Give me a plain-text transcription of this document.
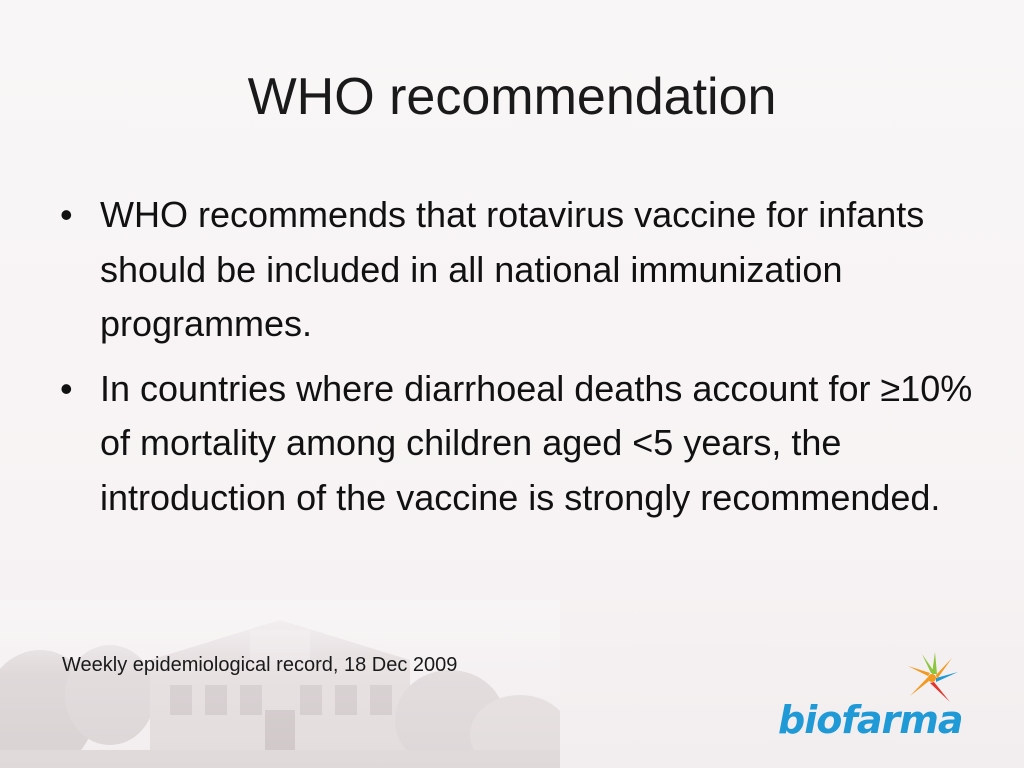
WHO recommendation
• WHO recommends that rotavirus vaccine for infants should be included in all national immunization programmes.
• In countries where diarrhoeal deaths account for ≥10% of mortality among children aged <5 years, the introduction of the vaccine is strongly recommended.
Weekly epidemiological record, 18 Dec 2009
biofarma
